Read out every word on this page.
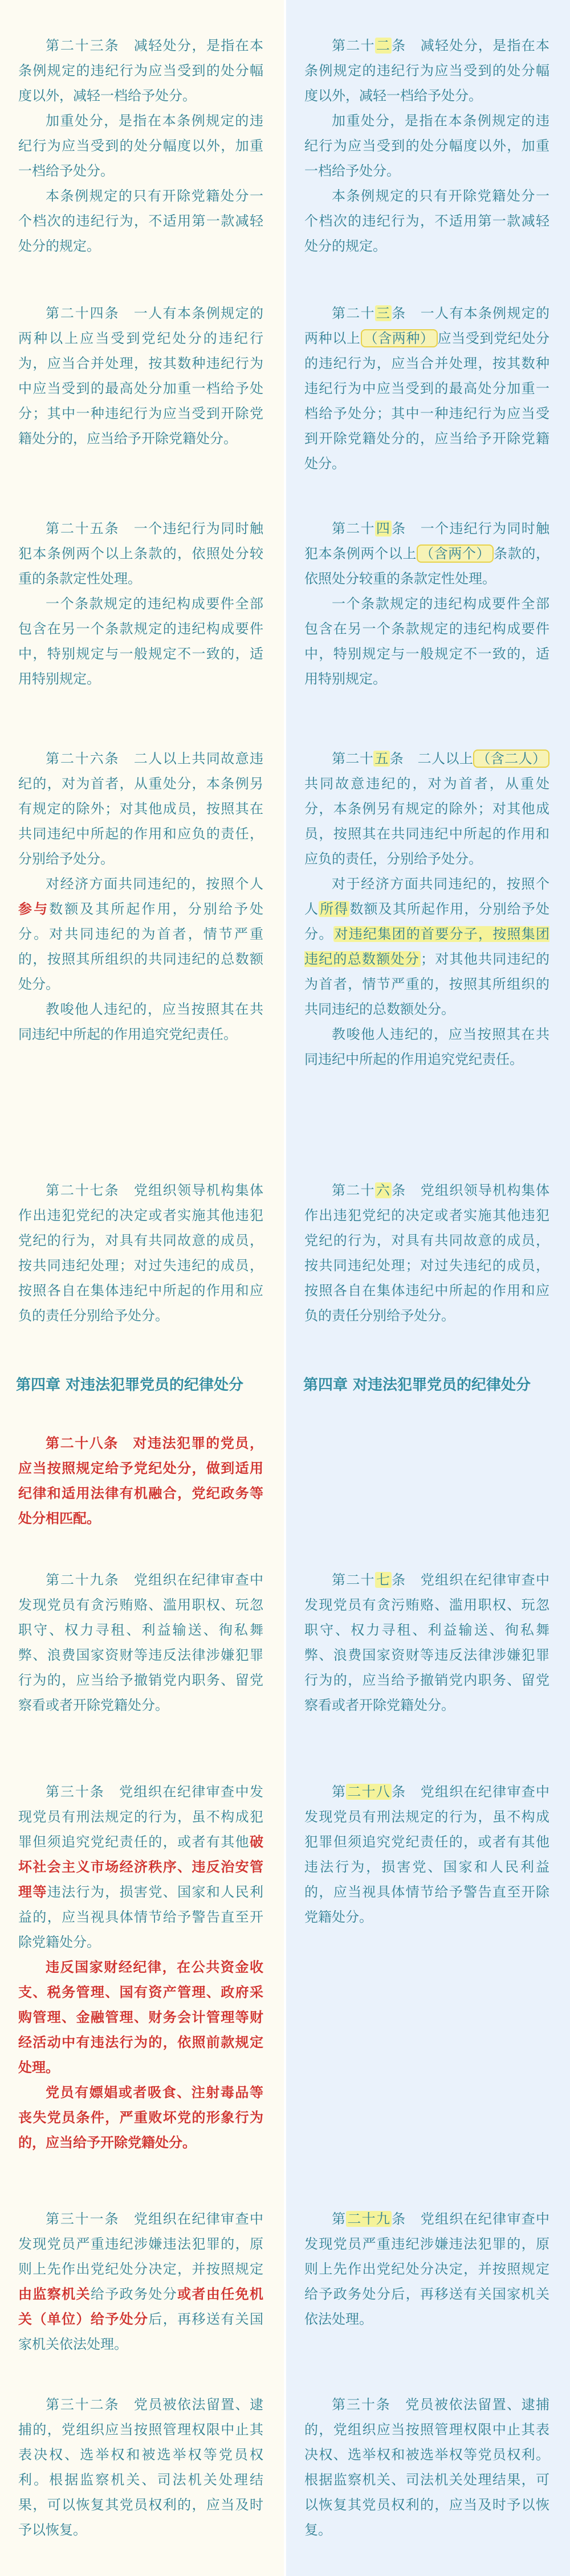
第二十三条　 减轻处分，是指在本条例规定的违纪行为应当受到的处分幅度以外，减轻一档给予处分。

加重处分，是指在本条例规定的违纪行为应当受到的处分幅度以外，加重一档给予处分。

本条例规定的只有开除党籍处分一个档次的违纪行为，不适用第一款减轻处分的规定。

第二十四条　 一人有本条例规定的两种以上应当受到党纪处分的违纪行为，应当合并处理，按其数种违纪行为中应当受到的最高处分加重一档给予处分；其中一种违纪行为应当受到开除党籍处分的，应当给予开除党籍处分。

第二十五条　 一个违纪行为同时触犯本条例两个以上条款的，依照处分较重的条款定性处理。

一个条款规定的违纪构成要件全部包含在另一个条款规定的违纪构成要件中，特别规定与一般规定不一致的，适用特别规定。

第二十六条　 二人以上共同故意违纪的，对为首者，从重处分，本条例另有规定的除外；对其他成员，按照其在共同违纪中所起的作用和应负的责任，分别给予处分。

对经济方面共同违纪的，按照个人参与数额及其所起作用，分别给予处分。对共同违纪的为首者，情节严重的，按照其所组织的共同违纪的总数额处分。

教唆他人违纪的，应当按照其在共同违纪中所起的作用追究党纪责任。

第二十七条　 党组织领导机构集体作出违犯党纪的决定或者实施其他违犯党纪的行为，对具有共同故意的成员，按共同违纪处理；对过失违纪的成员，按照各自在集体违纪中所起的作用和应负的责任分别给予处分。

第四章 对违法犯罪党员的纪律处分

第二十八条　对违法犯罪的党员，应当按照规定给予党纪处分，做到适用纪律和适用法律有机融合，党纪政务等处分相匹配。

第二十九条　 党组织在纪律审查中发现党员有贪污贿赂、滥用职权、玩忽职守、权力寻租、利益输送、徇私舞弊、浪费国家资财等违反法律涉嫌犯罪行为的，应当给予撤销党内职务、留党察看或者开除党籍处分。

第三十条　 党组织在纪律审查中发现党员有刑法规定的行为，虽不构成犯罪但须追究党纪责任的，或者有其他破坏社会主义市场经济秩序、违反治安管理等违法行为，损害党、国家和人民利益的，应当视具体情节给予警告直至开除党籍处分。

违反国家财经纪律，在公共资金收支、税务管理、国有资产管理、政府采购管理、金融管理、财务会计管理等财经活动中有违法行为的，依照前款规定处理。

党员有嫖娼或者吸食、注射毒品等丧失党员条件，严重败坏党的形象行为的，应当给予开除党籍处分。

第三十一条　 党组织在纪律审查中发现党员严重违纪涉嫌违法犯罪的，原则上先作出党纪处分决定，并按照规定由监察机关给予政务处分或者由任免机关（单位）给予处分后，再移送有关国家机关依法处理。

第三十二条　 党员被依法留置、逮捕的，党组织应当按照管理权限中止其表决权、选举权和被选举权等党员权利。根据监察机关、司法机关处理结果，可以恢复其党员权利的，应当及时予以恢复。

第二十二条　 减轻处分，是指在本条例规定的违纪行为应当受到的处分幅度以外，减轻一档给予处分。

加重处分，是指在本条例规定的违纪行为应当受到的处分幅度以外，加重一档给予处分。

本条例规定的只有开除党籍处分一个档次的违纪行为，不适用第一款减轻处分的规定。

第二十三条　 一人有本条例规定的两种以上 （含两种） 应当受到党纪处分的违纪行为，应当合并处理，按其数种违纪行为中应当受到的最高处分加重一档给予处分；其中一种违纪行为应当受到开除党籍处分的，应当给予开除党籍处分。

第二十四条　 一个违纪行为同时触犯本条例两个以上 （含两个） 条款的，依照处分较重的条款定性处理。

一个条款规定的违纪构成要件全部包含在另一个条款规定的违纪构成要件中，特别规定与一般规定不一致的，适用特别规定。

第二十五条　 二人以上 （含二人）共同故意违纪的，对为首者，从重处分，本条例另有规定的除外；对其他成员，按照其在共同违纪中所起的作用和应负的责任，分别给予处分。

对于经济方面共同违纪的，按照个人所得数额及其所起作用，分别给予处分。对违纪集团的首要分子，按照集团违纪的总数额处分；对其他共同违纪的为首者，情节严重的，按照其所组织的共同违纪的总数额处分。

教唆他人违纪的，应当按照其在共同违纪中所起的作用追究党纪责任。

第二十六条　 党组织领导机构集体作出违犯党纪的决定或者实施其他违犯党纪的行为，对具有共同故意的成员，按共同违纪处理；对过失违纪的成员，按照各自在集体违纪中所起的作用和应负的责任分别给予处分。

第四章 对违法犯罪党员的纪律处分

第二十七条　 党组织在纪律审查中发现党员有贪污贿赂、滥用职权、玩忽职守、权力寻租、利益输送、徇私舞弊、浪费国家资财等违反法律涉嫌犯罪行为的，应当给予撤销党内职务、留党察看或者开除党籍处分。

第二十八条　 党组织在纪律审查中发现党员有刑法规定的行为，虽不构成犯罪但须追究党纪责任的，或者有其他违法行为，损害党、国家和人民利益的，应当视具体情节给予警告直至开除党籍处分。

第二十九条　 党组织在纪律审查中发现党员严重违纪涉嫌违法犯罪的，原则上先作出党纪处分决定，并按照规定给予政务处分后，再移送有关国家机关依法处理。

第三十条　 党员被依法留置、逮捕的，党组织应当按照管理权限中止其表决权、选举权和被选举权等党员权利。根据监察机关、司法机关处理结果，可以恢复其党员权利的，应当及时予以恢复。
